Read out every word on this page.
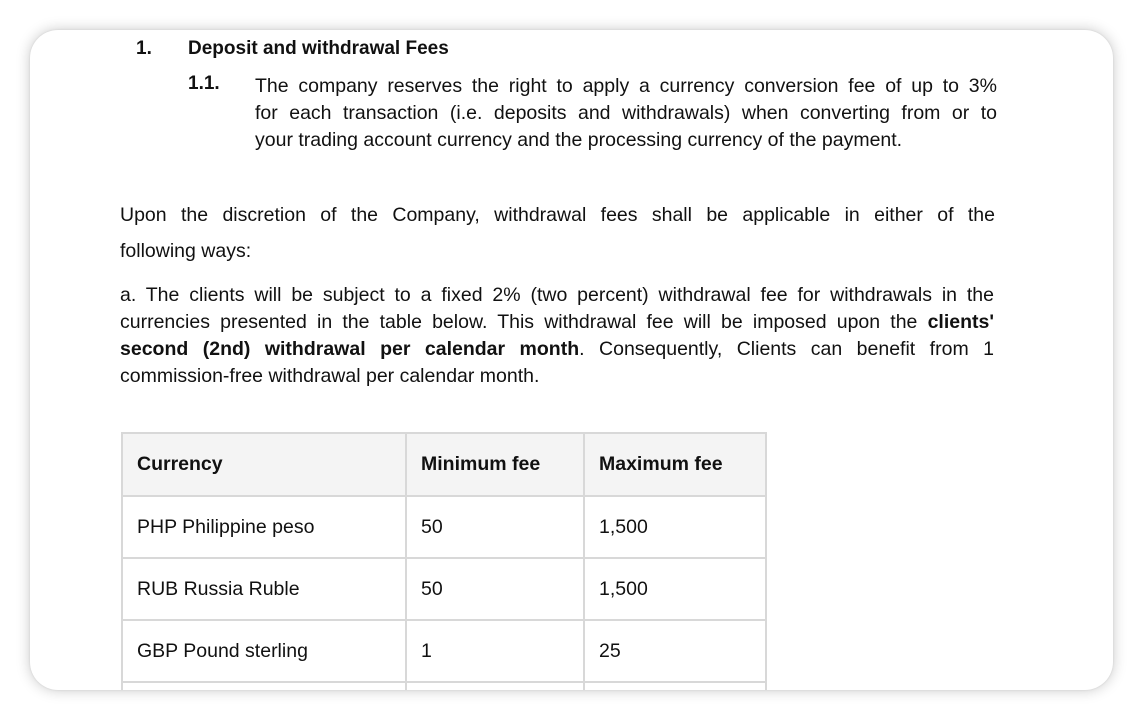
1. Deposit and withdrawal Fees
1.1. The company reserves the right to apply a currency conversion fee of up to 3%
for each transaction (i.e. deposits and withdrawals) when converting from or to
your trading account currency and the processing currency of the payment.
Upon the discretion of the Company, withdrawal fees shall be applicable in either of the
following ways:
a. The clients will be subject to a fixed 2% (two percent) withdrawal fee for withdrawals in the
currencies presented in the table below. This withdrawal fee will be imposed upon the clients'
second (2nd) withdrawal per calendar month. Consequently, Clients can benefit from 1
commission-free withdrawal per calendar month.
Currency	Minimum fee	Maximum fee
PHP Philippine peso	50	1,500
RUB Russia Ruble	50	1,500
GBP Pound sterling	1	25
